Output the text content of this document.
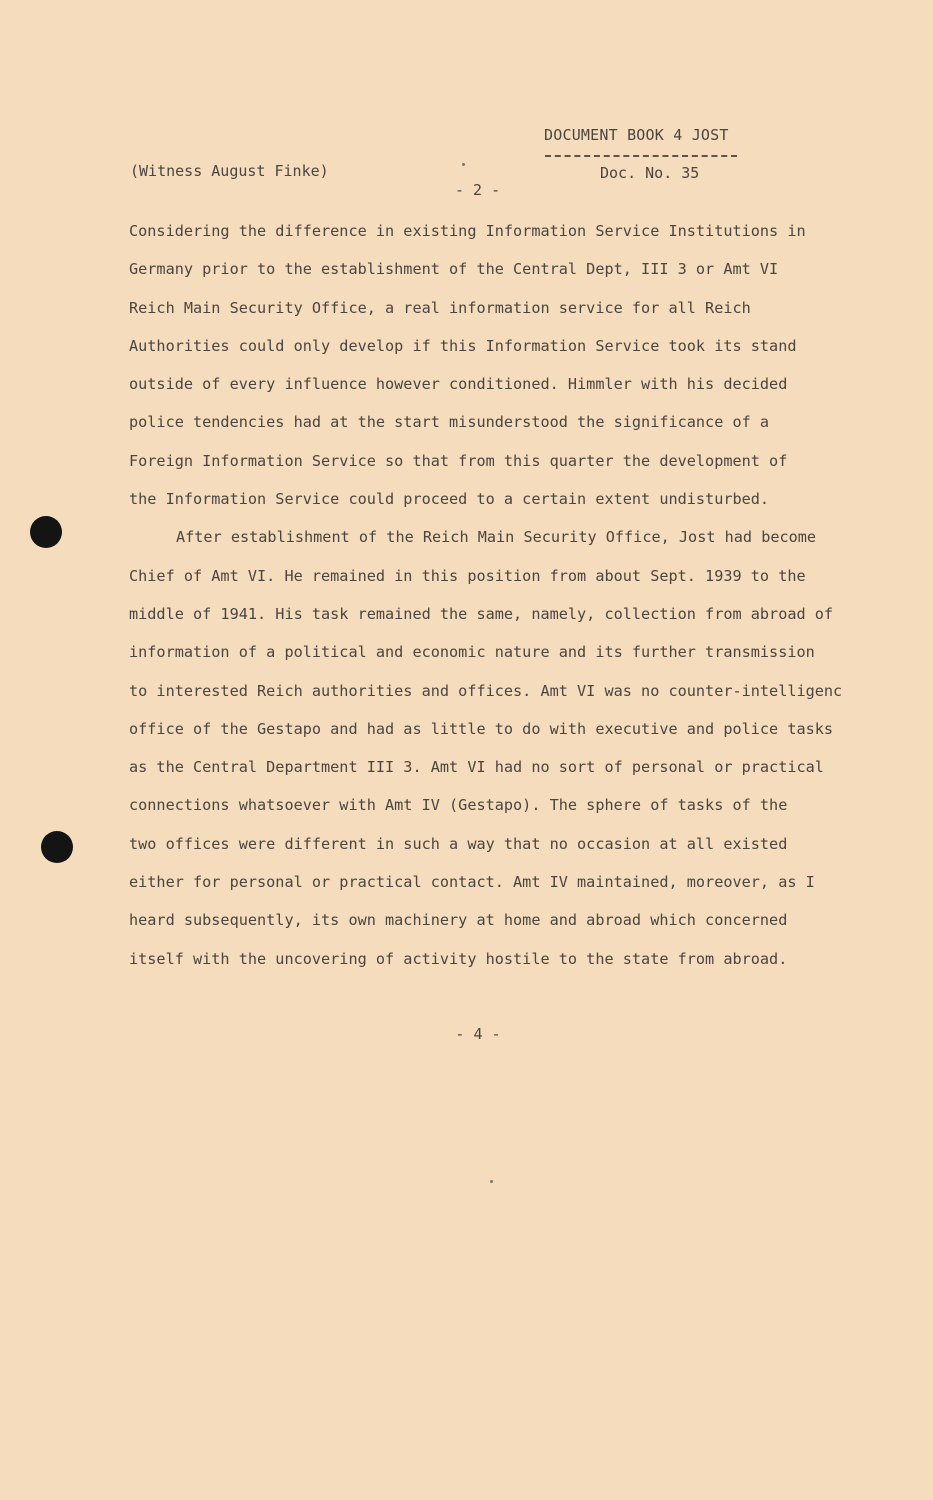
DOCUMENT BOOK 4 JOST
(Witness August Finke)	Doc. No. 35
- 2 -
Considering the difference in existing Information Service Institutions in
Germany prior to the establishment of the Central Dept, III 3 or Amt VI
Reich Main Security Office, a real information service for all Reich
Authorities could only develop if this Information Service took its stand
outside of every influence however conditioned. Himmler with his decided
police tendencies had at the start misunderstood the significance of a
Foreign Information Service so that from this quarter the development of
the Information Service could proceed to a certain extent undisturbed.
After establishment of the Reich Main Security Office, Jost had become
Chief of Amt VI. He remained in this position from about Sept. 1939 to the
middle of 1941. His task remained the same, namely, collection from abroad of
information of a political and economic nature and its further transmission
to interested Reich authorities and offices. Amt VI was no counter-intelligenc
office of the Gestapo and had as little to do with executive and police tasks
as the Central Department III 3. Amt VI had no sort of personal or practical
connections whatsoever with Amt IV (Gestapo). The sphere of tasks of the
two offices were different in such a way that no occasion at all existed
either for personal or practical contact. Amt IV maintained, moreover, as I
heard subsequently, its own machinery at home and abroad which concerned
itself with the uncovering of activity hostile to the state from abroad.
- 4 -
